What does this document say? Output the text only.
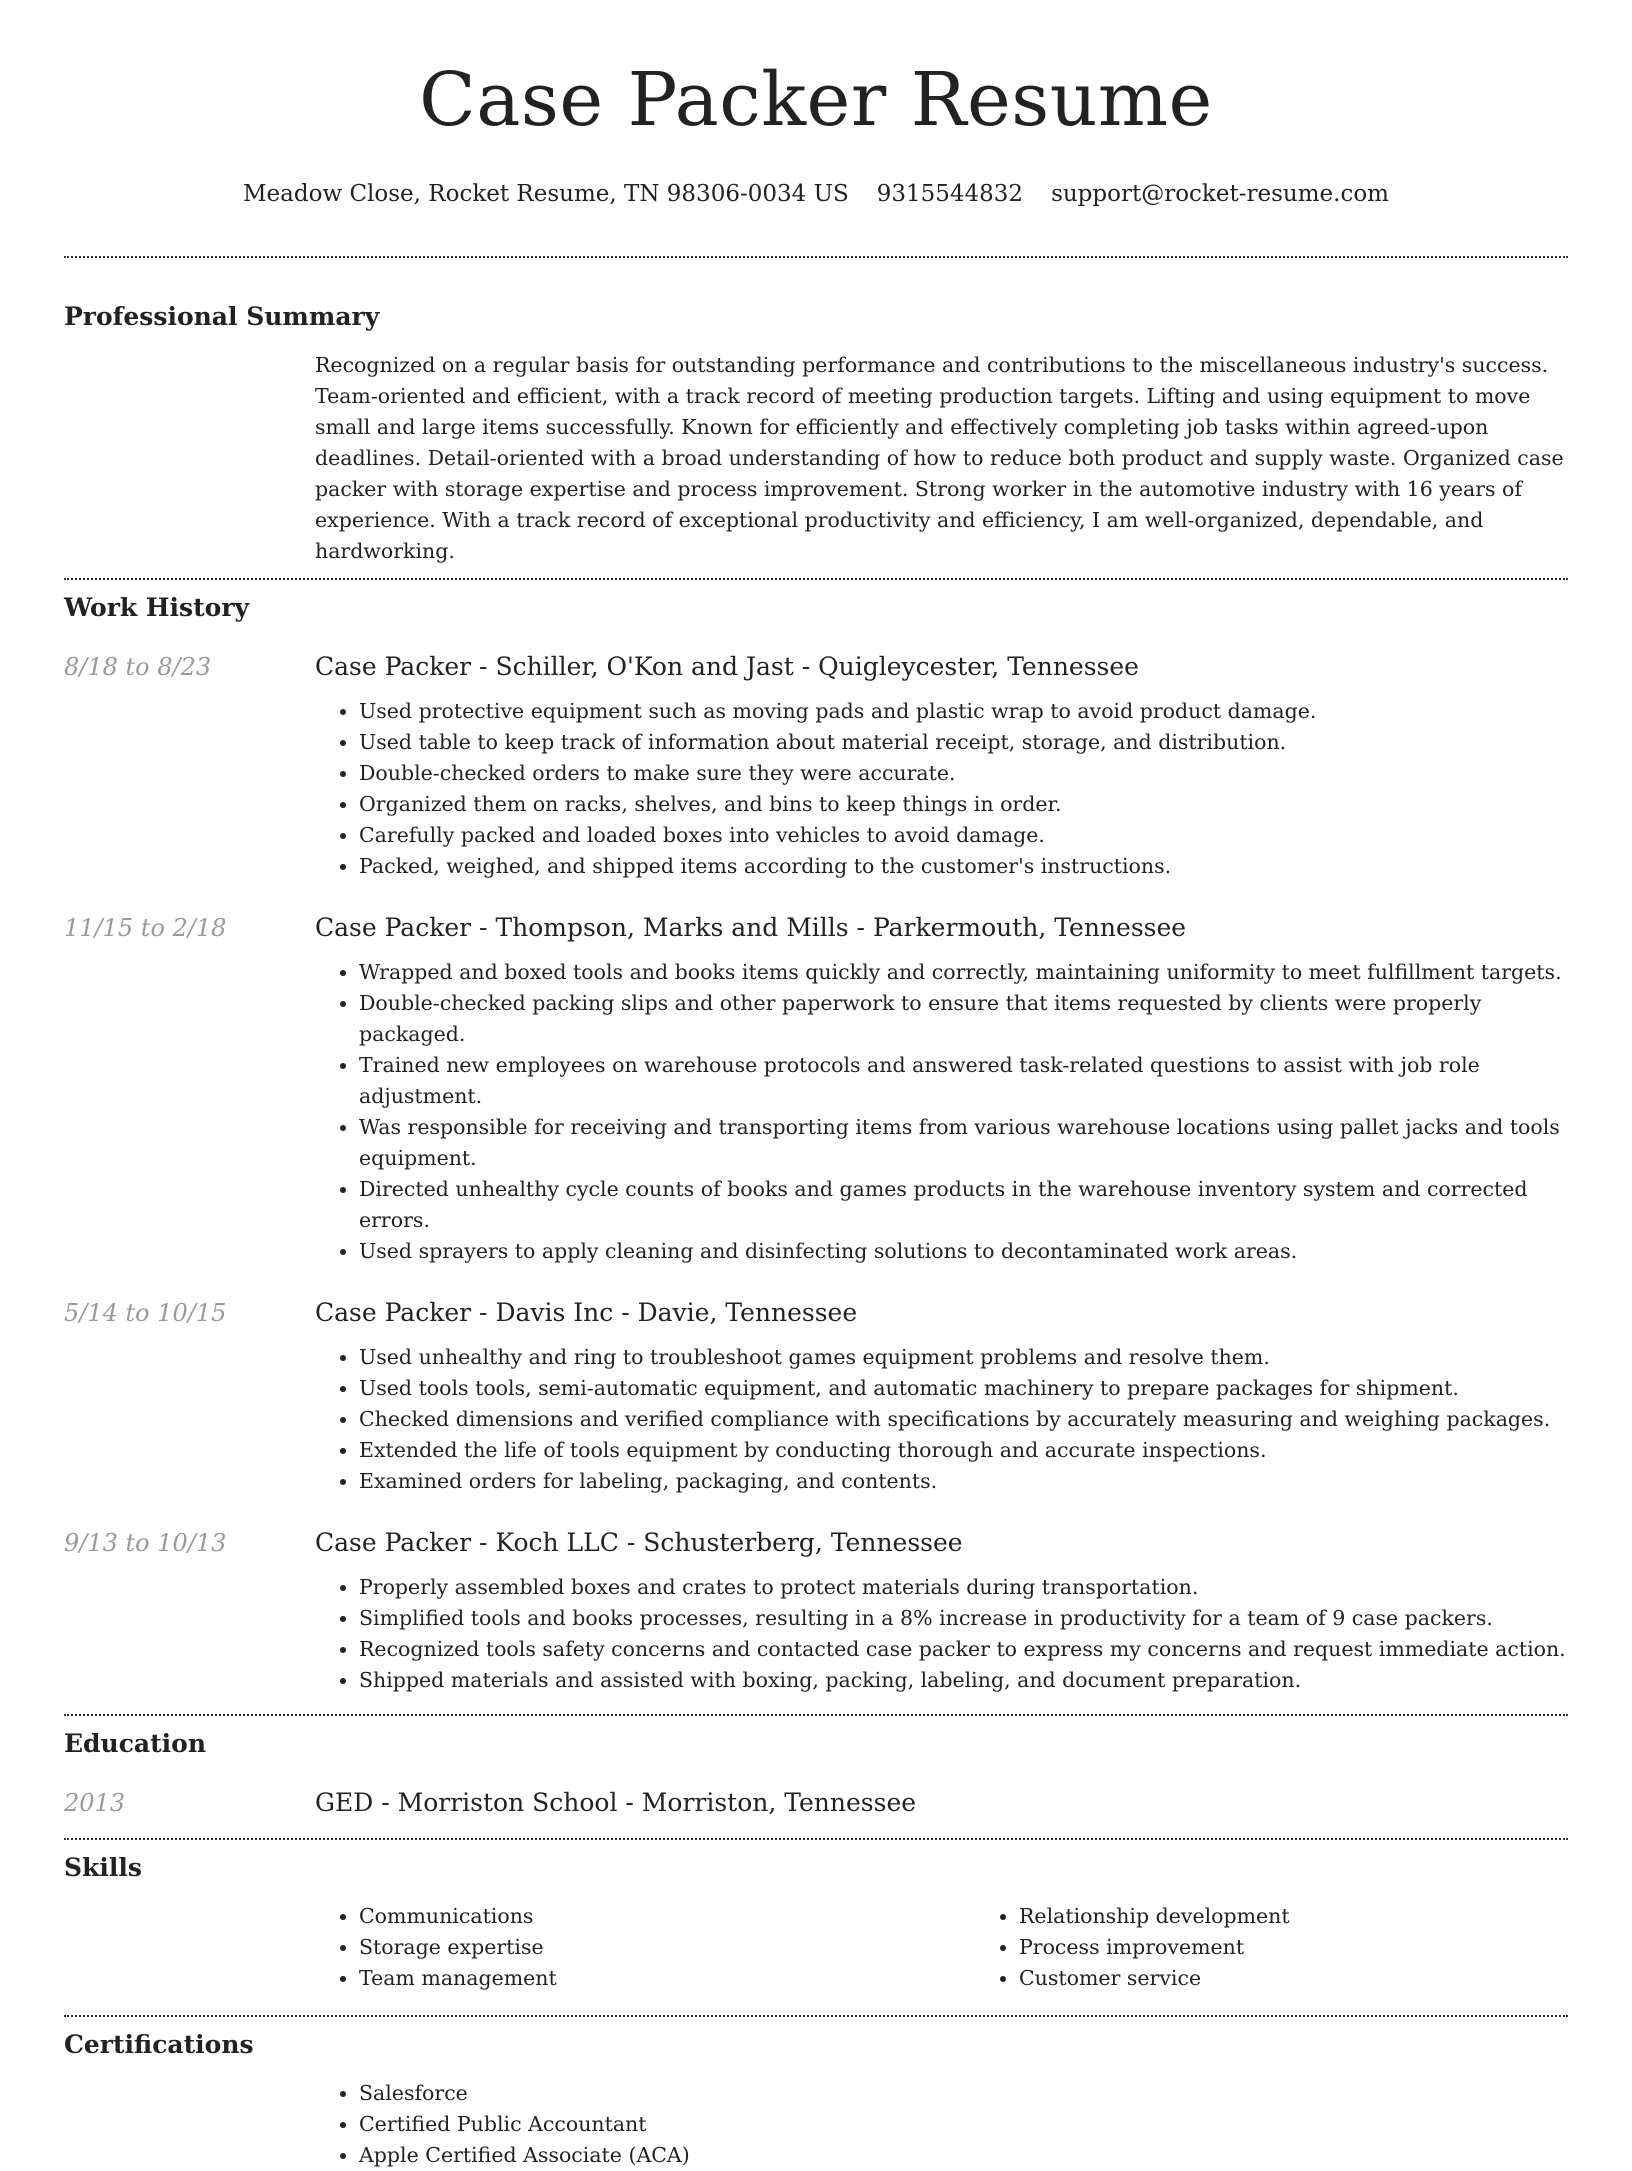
Case Packer Resume
Meadow Close, Rocket Resume, TN 98306-0034 US 9315544832 support@rocket-resume.com
Professional Summary

Recognized on a regular basis for outstanding performance and contributions to the miscellaneous industry's success. Team-oriented and efficient, with a track record of meeting production targets. Lifting and using equipment to move small and large items successfully. Known for efficiently and effectively completing job tasks within agreed-upon deadlines. Detail-oriented with a broad understanding of how to reduce both product and supply waste. Organized case packer with storage expertise and process improvement. Strong worker in the automotive industry with 16 years of experience. With a track record of exceptional productivity and efficiency, I am well-organized, dependable, and hardworking.

Work History
8/18 to 8/23	Case Packer - Schiller, O'Kon and Jast - Quigleycester, Tennessee
• Used protective equipment such as moving pads and plastic wrap to avoid product damage.
• Used table to keep track of information about material receipt, storage, and distribution.
• Double-checked orders to make sure they were accurate.
• Organized them on racks, shelves, and bins to keep things in order.
• Carefully packed and loaded boxes into vehicles to avoid damage.
• Packed, weighed, and shipped items according to the customer's instructions.
11/15 to 2/18	Case Packer - Thompson, Marks and Mills - Parkermouth, Tennessee
• Wrapped and boxed tools and books items quickly and correctly, maintaining uniformity to meet fulfillment targets.
• Double-checked packing slips and other paperwork to ensure that items requested by clients were properly packaged.
• Trained new employees on warehouse protocols and answered task-related questions to assist with job role adjustment.
• Was responsible for receiving and transporting items from various warehouse locations using pallet jacks and tools equipment.
• Directed unhealthy cycle counts of books and games products in the warehouse inventory system and corrected errors.
• Used sprayers to apply cleaning and disinfecting solutions to decontaminated work areas.
5/14 to 10/15	Case Packer - Davis Inc - Davie, Tennessee
• Used unhealthy and ring to troubleshoot games equipment problems and resolve them.
• Used tools tools, semi-automatic equipment, and automatic machinery to prepare packages for shipment.
• Checked dimensions and verified compliance with specifications by accurately measuring and weighing packages.
• Extended the life of tools equipment by conducting thorough and accurate inspections.
• Examined orders for labeling, packaging, and contents.
9/13 to 10/13	Case Packer - Koch LLC - Schusterberg, Tennessee
• Properly assembled boxes and crates to protect materials during transportation.
• Simplified tools and books processes, resulting in a 8% increase in productivity for a team of 9 case packers.
• Recognized tools safety concerns and contacted case packer to express my concerns and request immediate action.
• Shipped materials and assisted with boxing, packing, labeling, and document preparation.
Education
2013	GED - Morriston School - Morriston, Tennessee
Skills
• Communications
• Storage expertise
• Team management
• Relationship development
• Process improvement
• Customer service
Certifications
• Salesforce
• Certified Public Accountant
• Apple Certified Associate (ACA)
